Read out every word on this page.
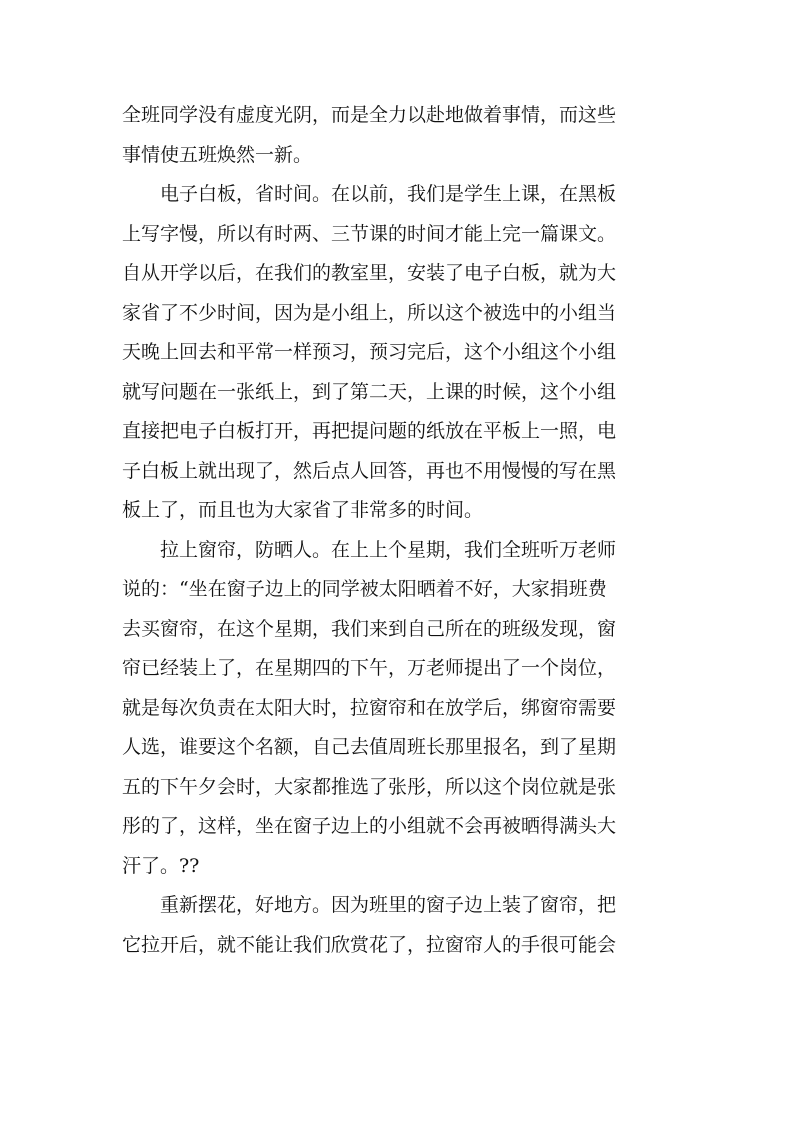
全班同学没有虚度光阴，而是全力以赴地做着事情，而这些
事情使五班焕然一新。
　　电子白板，省时间。在以前，我们是学生上课，在黑板
上写字慢，所以有时两、三节课的时间才能上完一篇课文。
自从开学以后，在我们的教室里，安装了电子白板，就为大
家省了不少时间，因为是小组上，所以这个被选中的小组当
天晚上回去和平常一样预习，预习完后，这个小组这个小组
就写问题在一张纸上，到了第二天，上课的时候，这个小组
直接把电子白板打开，再把提问题的纸放在平板上一照，电
子白板上就出现了，然后点人回答，再也不用慢慢的写在黑
板上了，而且也为大家省了非常多的时间。
　　拉上窗帘，防晒人。在上上个星期，我们全班听万老师
说的：“坐在窗子边上的同学被太阳晒着不好，大家捐班费
去买窗帘，在这个星期，我们来到自己所在的班级发现，窗
帘已经装上了，在星期四的下午，万老师提出了一个岗位，
就是每次负责在太阳大时，拉窗帘和在放学后，绑窗帘需要
人选，谁要这个名额，自己去值周班长那里报名，到了星期
五的下午夕会时，大家都推选了张彤，所以这个岗位就是张
彤的了，这样，坐在窗子边上的小组就不会再被晒得满头大
汗了。??
　　重新摆花，好地方。因为班里的窗子边上装了窗帘，把
它拉开后，就不能让我们欣赏花了，拉窗帘人的手很可能会
